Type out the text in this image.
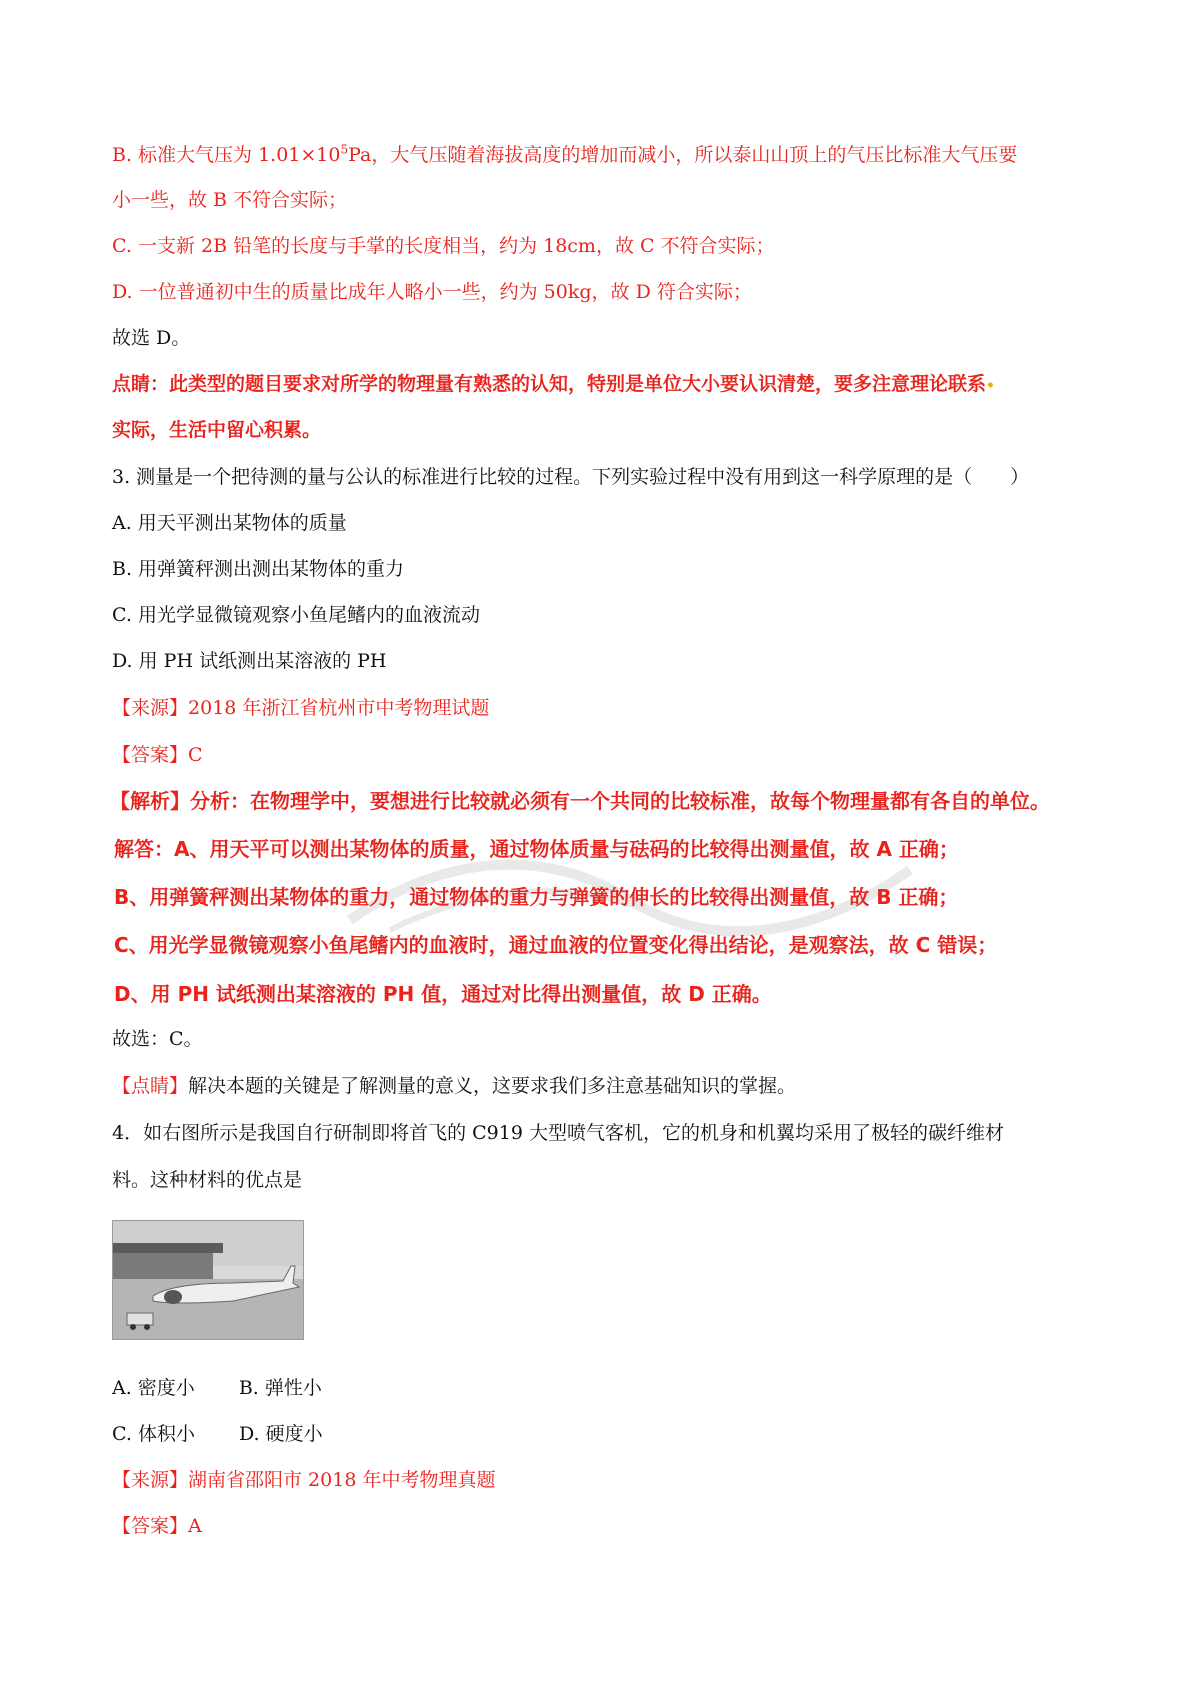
B. 标准大气压为 $1.01\times 10^5Pa$，大气压随着海拔高度的增加而减小，所以泰山山顶上的气压比标准大气压要
小一些，故 B 不符合实际；
C. 一支新 2B 铅笔的长度与手掌的长度相当，约为 18cm，故 C 不符合实际；
D. 一位普通初中生的质量比成年人略小一些，约为 50kg，故 D 符合实际；
故选 D。
点睛：此类型的题目要求对所学的物理量有熟悉的认知，特别是单位大小要认识清楚，要多注意理论联系•
实际，生活中留心积累。
3. 测量是一个把待测的量与公认的标准进行比较的过程。下列实验过程中没有用到这一科学原理的是（　　）
A. 用天平测出某物体的质量
B. 用弹簧秤测出测出某物体的重力
C. 用光学显微镜观察小鱼尾鳍内的血液流动
D. 用 PH 试纸测出某溶液的 PH
【来源】2018 年浙江省杭州市中考物理试题
【答案】C
【解析】分析：在物理学中，要想进行比较就必须有一个共同的比较标准，故每个物理量都有各自的单位。
解答：A、用天平可以测出某物体的质量，通过物体质量与砝码的比较得出测量值，故 A 正确；
B、用弹簧秤测出某物体的重力，通过物体的重力与弹簧的伸长的比较得出测量值，故 B 正确；
C、用光学显微镜观察小鱼尾鳍内的血液时，通过血液的位置变化得出结论，是观察法，故 C 错误；
D、用 PH 试纸测出某溶液的 PH 值，通过对比得出测量值，故 D 正确。
故选：C。
【点睛】解决本题的关键是了解测量的意义，这要求我们多注意基础知识的掌握。
4．如右图所示是我国自行研制即将首飞的 C919 大型喷气客机，它的机身和机翼均采用了极轻的碳纤维材
料。这种材料的优点是
A. 密度小　　 B. 弹性小
C. 体积小　　 D. 硬度小
【来源】湖南省邵阳市 2018 年中考物理真题
【答案】A
